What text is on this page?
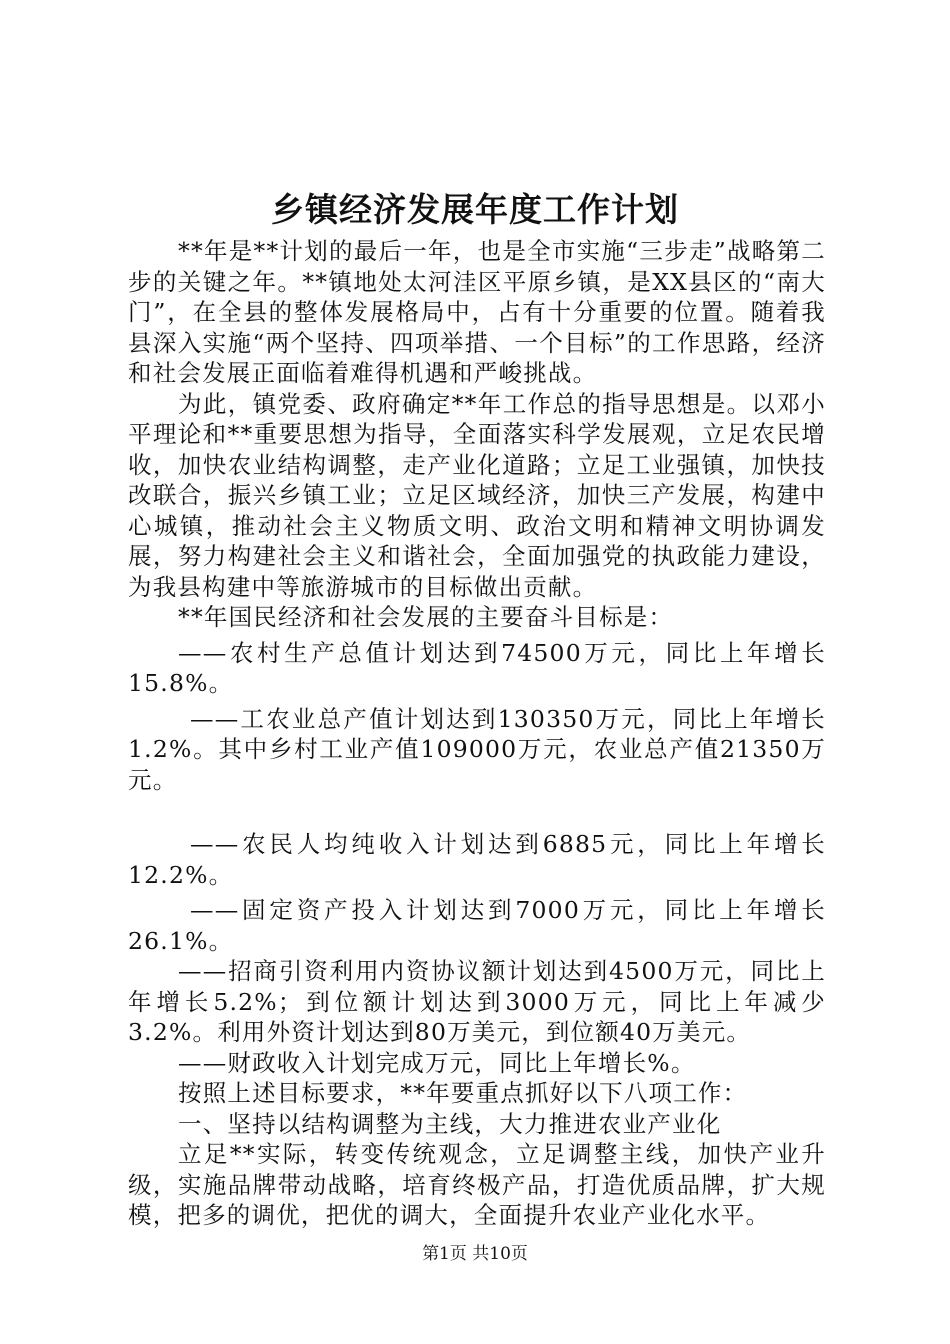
乡镇经济发展年度工作计划

**年是**计划的最后一年，也是全市实施“三步走”战略第二步的关键之年。**镇地处太河洼区平原乡镇，是XX县区的“南大门”，在全县的整体发展格局中，占有十分重要的位置。随着我县深入实施“两个坚持、四项举措、一个目标”的工作思路，经济和社会发展正面临着难得机遇和严峻挑战。

为此，镇党委、政府确定**年工作总的指导思想是。以邓小平理论和**重要思想为指导，全面落实科学发展观，立足农民增收，加快农业结构调整，走产业化道路；立足工业强镇，加快技改联合，振兴乡镇工业；立足区域经济，加快三产发展，构建中心城镇，推动社会主义物质文明、政治文明和精神文明协调发展，努力构建社会主义和谐社会，全面加强党的执政能力建设，为我县构建中等旅游城市的目标做出贡献。

**年国民经济和社会发展的主要奋斗目标是：

——农村生产总值计划达到74500万元，同比上年增长15.8%。

——工农业总产值计划达到130350万元，同比上年增长1.2%。其中乡村工业产值109000万元，农业总产值21350万元。

——农民人均纯收入计划达到6885元，同比上年增长12.2%。

——固定资产投入计划达到7000万元，同比上年增长26.1%。

——招商引资利用内资协议额计划达到4500万元，同比上年增长5.2%；到位额计划达到3000万元，同比上年减少3.2%。利用外资计划达到80万美元，到位额40万美元。

——财政收入计划完成万元，同比上年增长%。

按照上述目标要求，**年要重点抓好以下八项工作：

一、坚持以结构调整为主线，大力推进农业产业化

立足**实际，转变传统观念，立足调整主线，加快产业升级，实施品牌带动战略，培育终极产品，打造优质品牌，扩大规模，把多的调优，把优的调大，全面提升农业产业化水平。

第1页 共10页
